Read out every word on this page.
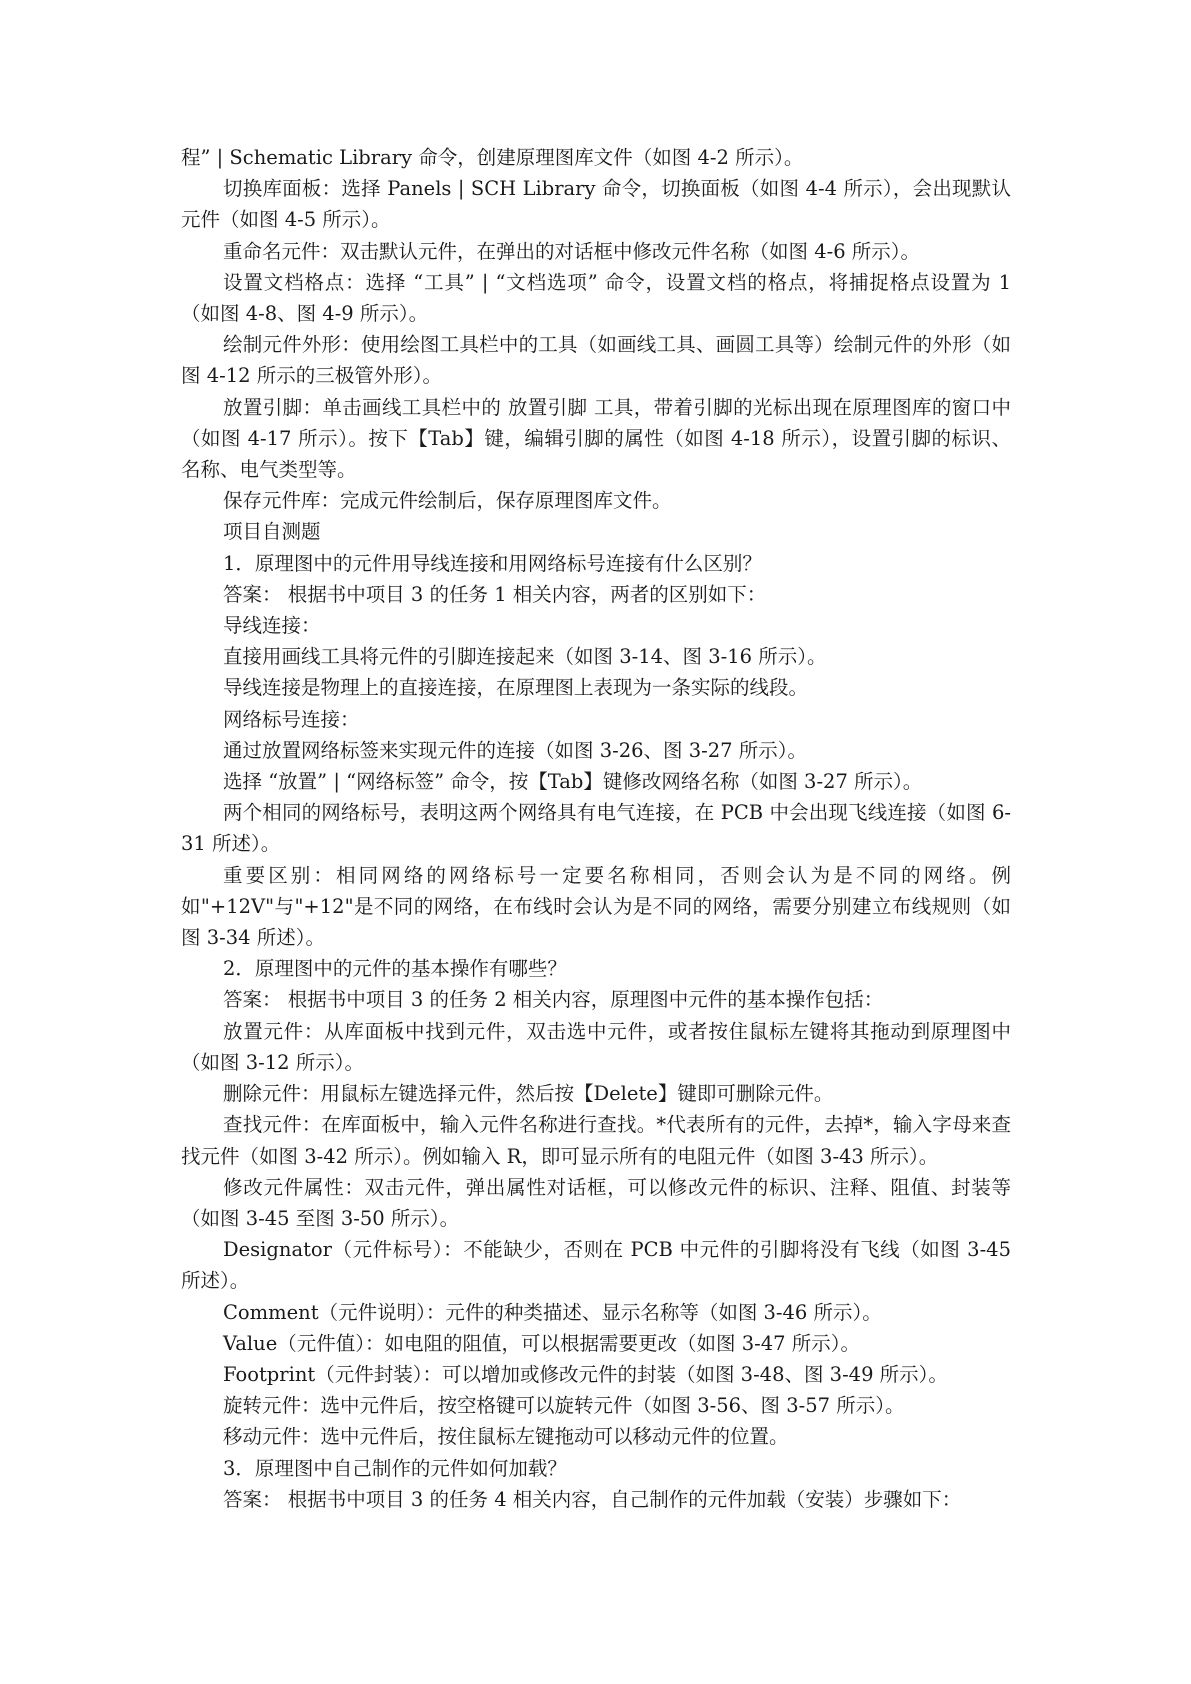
程” | Schematic Library 命令，创建原理图库文件（如图 4-2 所示）。

切换库面板：选择 Panels | SCH Library 命令，切换面板（如图 4-4 所示），会出现默认元件（如图 4-5 所示）。

重命名元件：双击默认元件，在弹出的对话框中修改元件名称（如图 4-6 所示）。

设置文档格点：选择 “工具” | “文档选项” 命令，设置文档的格点，将捕捉格点设置为 1（如图 4-8、图 4-9 所示）。

绘制元件外形：使用绘图工具栏中的工具（如画线工具、画圆工具等）绘制元件的外形（如图 4-12 所示的三极管外形）。

放置引脚：单击画线工具栏中的 放置引脚 工具，带着引脚的光标出现在原理图库的窗口中（如图 4-17 所示）。按下【Tab】键，编辑引脚的属性（如图 4-18 所示），设置引脚的标识、名称、电气类型等。

保存元件库：完成元件绘制后，保存原理图库文件。

项目自测题

1．原理图中的元件用导线连接和用网络标号连接有什么区别？

答案： 根据书中项目 3 的任务 1 相关内容，两者的区别如下：

导线连接：

直接用画线工具将元件的引脚连接起来（如图 3-14、图 3-16 所示）。

导线连接是物理上的直接连接，在原理图上表现为一条实际的线段。

网络标号连接：

通过放置网络标签来实现元件的连接（如图 3-26、图 3-27 所示）。

选择 “放置” | “网络标签” 命令，按【Tab】键修改网络名称（如图 3-27 所示）。

两个相同的网络标号，表明这两个网络具有电气连接，在 PCB 中会出现飞线连接（如图 6-31 所述）。

重要区别：相同网络的网络标号一定要名称相同，否则会认为是不同的网络。例如"+12V"与"+12"是不同的网络，在布线时会认为是不同的网络，需要分别建立布线规则（如图 3-34 所述）。

2．原理图中的元件的基本操作有哪些？

答案： 根据书中项目 3 的任务 2 相关内容，原理图中元件的基本操作包括：

放置元件：从库面板中找到元件，双击选中元件，或者按住鼠标左键将其拖动到原理图中（如图 3-12 所示）。

删除元件：用鼠标左键选择元件，然后按【Delete】键即可删除元件。

查找元件：在库面板中，输入元件名称进行查找。*代表所有的元件，去掉*，输入字母来查找元件（如图 3-42 所示）。例如输入 R，即可显示所有的电阻元件（如图 3-43 所示）。

修改元件属性：双击元件，弹出属性对话框，可以修改元件的标识、注释、阻值、封装等（如图 3-45 至图 3-50 所示）。

Designator（元件标号）：不能缺少，否则在 PCB 中元件的引脚将没有飞线（如图 3-45 所述）。

Comment（元件说明）：元件的种类描述、显示名称等（如图 3-46 所示）。

Value（元件值）：如电阻的阻值，可以根据需要更改（如图 3-47 所示）。

Footprint（元件封装）：可以增加或修改元件的封装（如图 3-48、图 3-49 所示）。

旋转元件：选中元件后，按空格键可以旋转元件（如图 3-56、图 3-57 所示）。

移动元件：选中元件后，按住鼠标左键拖动可以移动元件的位置。

3．原理图中自己制作的元件如何加载？

答案： 根据书中项目 3 的任务 4 相关内容，自己制作的元件加载（安装）步骤如下：
